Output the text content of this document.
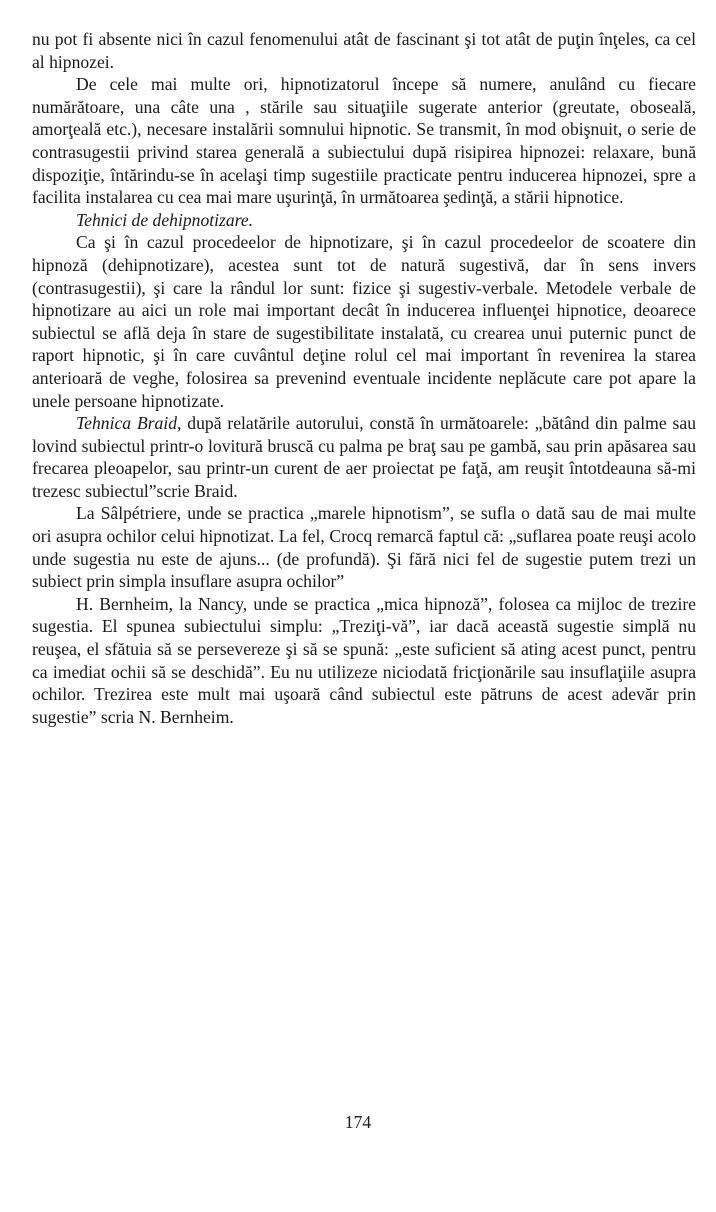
nu pot fi absente nici în cazul fenomenului atât de fascinant şi tot atât de puţin înţeles, ca cel al hipnozei.

De cele mai multe ori, hipnotizatorul începe să numere, anulând cu fiecare numărătoare, una câte una , stările sau situaţiile sugerate anterior (greutate, oboseală, amorţeală etc.), necesare instalării somnului hipnotic. Se transmit, în mod obişnuit, o serie de contrasugestii privind starea generală a subiectului după risipirea hipnozei: relaxare, bună dispoziţie, întărindu-se în acelaşi timp sugestiile practicate pentru inducerea hipnozei, spre a facilita instalarea cu cea mai mare uşurinţă, în următoarea şedinţă, a stării hipnotice.

Tehnici de dehipnotizare.

Ca şi în cazul procedeelor de hipnotizare, şi în cazul procedeelor de scoatere din hipnoză (dehipnotizare), acestea sunt tot de natură sugestivă, dar în sens invers (contrasugestii), şi care la rândul lor sunt: fizice şi sugestiv-verbale. Metodele verbale de hipnotizare au aici un role mai important decât în inducerea influenţei hipnotice, deoarece subiectul se află deja în stare de sugestibilitate instalată, cu crearea unui puternic punct de raport hipnotic, şi în care cuvântul deţine rolul cel mai important în revenirea la starea anterioară de veghe, folosirea sa prevenind eventuale incidente neplăcute care pot apare la unele persoane hipnotizate.

Tehnica Braid, după relatările autorului, constă în următoarele: „bătând din palme sau lovind subiectul printr-o lovitură bruscă cu palma pe braţ sau pe gambă, sau prin apăsarea sau frecarea pleoapelor, sau printr-un curent de aer proiectat pe faţă, am reuşit întotdeauna să-mi trezesc subiectul”scrie Braid.

La Sâlpétriere, unde se practica „marele hipnotism”, se sufla o dată sau de mai multe ori asupra ochilor celui hipnotizat. La fel, Crocq remarcă faptul că: „suflarea poate reuşi acolo unde sugestia nu este de ajuns... (de profundă). Şi fără nici fel de sugestie putem trezi un subiect prin simpla insuflare asupra ochilor”

H. Bernheim, la Nancy, unde se practica „mica hipnoză”, folosea ca mijloc de trezire sugestia. El spunea subiectului simplu: „Treziţi-vă”, iar dacă această sugestie simplă nu reuşea, el sfătuia să se persevereze şi să se spună: „este suficient să ating acest punct, pentru ca imediat ochii să se deschidă”. Eu nu utilizeze niciodată fricţionările sau insuflaţiile asupra ochilor. Trezirea este mult mai uşoară când subiectul este pătruns de acest adevăr prin sugestie” scria N. Bernheim.

174
